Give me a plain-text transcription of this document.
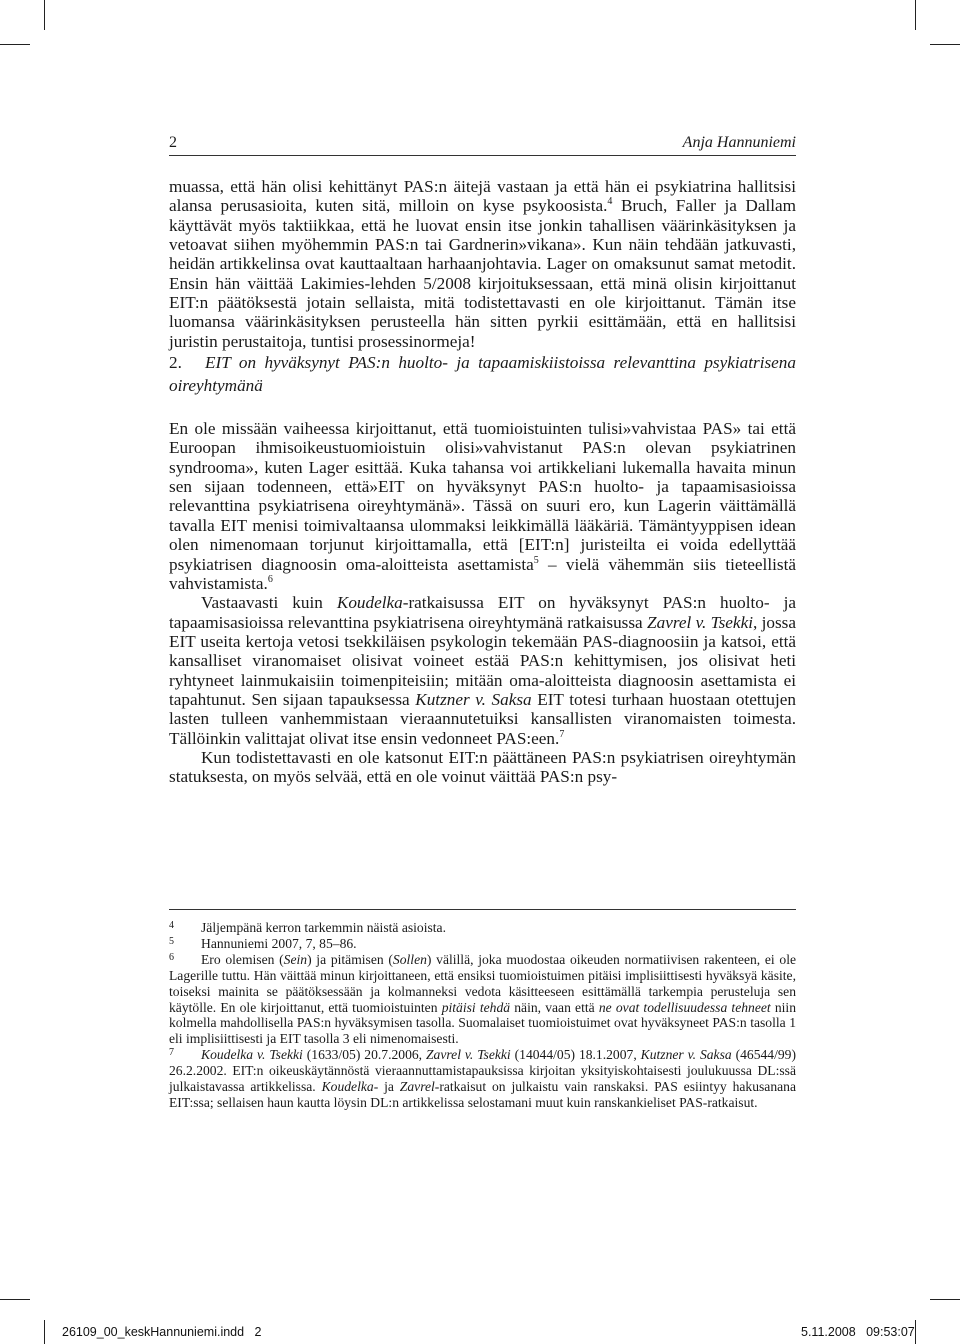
2	Anja Hannuniemi

muassa, että hän olisi kehittänyt PAS:n äitejä vastaan ja että hän ei psykiatrina hallitsisi alansa perusasioita, kuten sitä, milloin on kyse psykoosista.$^4$ Bruch, Faller ja Dallam käyttävät myös taktiikkaa, että he luovat ensin itse jonkin tahallisen väärinkäsityksen ja vetoavat siihen myöhemmin PAS:n tai Gardnerin»vikana». Kun näin tehdään jatkuvasti, heidän artikkelinsa ovat kauttaaltaan harhaanjohtavia. Lager on omaksunut samat metodit. Ensin hän väittää Lakimies-lehden 5/2008 kirjoituksessaan, että minä olisin kirjoittanut EIT:n päätöksestä jotain sellaista, mitä todistettavasti en ole kirjoittanut. Tämän itse luomansa väärinkäsityksen perusteella hän sitten pyrkii esittämään, että en hallitsisi juristin perustaitoja, tuntisi prosessinormeja!

2. EIT on hyväksynyt PAS:n huolto- ja tapaamiskiistoissa relevanttina psykiatrisena oireyhtymänä

En ole missään vaiheessa kirjoittanut, että tuomioistuinten tulisi»vahvistaa PAS» tai että Euroopan ihmisoikeustuomioistuin olisi»vahvistanut PAS:n olevan psykiatrinen syndrooma», kuten Lager esittää. Kuka tahansa voi artikkeliani lukemalla havaita minun sen sijaan todenneen, että»EIT on hyväksynyt PAS:n huolto- ja tapaamisasioissa relevanttina psykiatrisena oireyhtymänä». Tässä on suuri ero, kun Lagerin väittämällä tavalla EIT menisi toimivaltaansa ulommaksi leikkimällä lääkäriä. Tämäntyyppisen idean olen nimenomaan torjunut kirjoittamalla, että [EIT:n] juristeilta ei voida edellyttää psykiatrisen diagnoosin oma-aloitteista asettamista$^5$ – vielä vähemmän siis tieteellistä vahvistamista.$^6$

Vastaavasti kuin Koudelka-ratkaisussa EIT on hyväksynyt PAS:n huolto- ja tapaamisasioissa relevanttina psykiatrisena oireyhtymänä ratkaisussa Zavrel v. Tsekki, jossa EIT useita kertoja vetosi tsekkiläisen psykologin tekemään PAS-diagnoosiin ja katsoi, että kansalliset viranomaiset olisivat voineet estää PAS:n kehittymisen, jos olisivat heti ryhtyneet lainmukaisiin toimenpiteisiin; mitään oma-aloitteista diagnoosin asettamista ei tapahtunut. Sen sijaan tapauksessa Kutzner v. Saksa EIT totesi turhaan huostaan otettujen lasten tulleen vanhemmistaan vieraannutetuiksi kansallisten viranomaisten toimesta. Tällöinkin valittajat olivat itse ensin vedonneet PAS:een.$^7$

Kun todistettavasti en ole katsonut EIT:n päättäneen PAS:n psykiatrisen oireyhtymän statuksesta, on myös selvää, että en ole voinut väittää PAS:n psy-

4 Jäljempänä kerron tarkemmin näistä asioista.

5 Hannuniemi 2007, 7, 85–86.

6 Ero olemisen (Sein) ja pitämisen (Sollen) välillä, joka muodostaa oikeuden normatiivisen rakenteen, ei ole Lagerille tuttu. Hän väittää minun kirjoittaneen, että ensiksi tuomioistuimen pitäisi implisiittisesti hyväksyä käsite, toiseksi mainita se päätöksessään ja kolmanneksi vedota käsitteeseen esittämällä tarkempia perusteluja sen käytölle. En ole kirjoittanut, että tuomioistuinten pitäisi tehdä näin, vaan että ne ovat todellisuudessa tehneet niin kolmella mahdollisella PAS:n hyväksymisen tasolla. Suomalaiset tuomioistuimet ovat hyväksyneet PAS:n tasolla 1 eli implisiittisesti ja EIT tasolla 3 eli nimenomaisesti.

7 Koudelka v. Tsekki (1633/05) 20.7.2006, Zavrel v. Tsekki (14044/05) 18.1.2007, Kutzner v. Saksa (46544/99) 26.2.2002. EIT:n oikeuskäytännöstä vieraannuttamistapauksissa kirjoitan yksityiskohtaisesti joulukuussa DL:ssä julkaistavassa artikkelissa. Koudelka- ja Zavrel-ratkaisut on julkaistu vain ranskaksi. PAS esiintyy hakusanana EIT:ssa; sellaisen haun kautta löysin DL:n artikkelissa selostamani muut kuin ranskankieliset PAS-ratkaisut.

26109_00_keskHannuniemi.indd   2	5.11.2008   09:53:07
